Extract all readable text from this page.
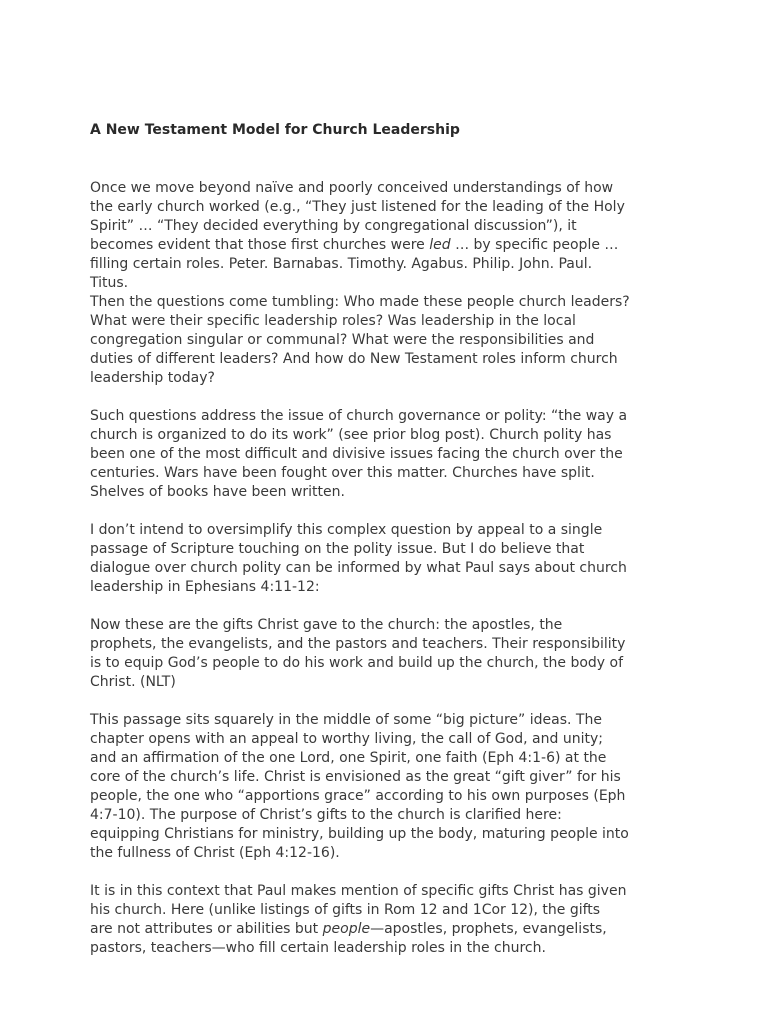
A New Testament Model for Church Leadership

Once we move beyond naïve and poorly conceived understandings of how
the early church worked (e.g., “They just listened for the leading of the Holy
Spirit” … “They decided everything by congregational discussion”), it
becomes evident that those first churches were led … by specific people …
filling certain roles. Peter. Barnabas. Timothy. Agabus. Philip. John. Paul.
Titus.
Then the questions come tumbling: Who made these people church leaders?
What were their specific leadership roles? Was leadership in the local
congregation singular or communal? What were the responsibilities and
duties of different leaders? And how do New Testament roles inform church
leadership today?

Such questions address the issue of church governance or polity: “the way a
church is organized to do its work” (see prior blog post). Church polity has
been one of the most difficult and divisive issues facing the church over the
centuries. Wars have been fought over this matter. Churches have split.
Shelves of books have been written.

I don’t intend to oversimplify this complex question by appeal to a single
passage of Scripture touching on the polity issue. But I do believe that
dialogue over church polity can be informed by what Paul says about church
leadership in Ephesians 4:11-12:

Now these are the gifts Christ gave to the church: the apostles, the
prophets, the evangelists, and the pastors and teachers. Their responsibility
is to equip God’s people to do his work and build up the church, the body of
Christ. (NLT)

This passage sits squarely in the middle of some “big picture” ideas. The
chapter opens with an appeal to worthy living, the call of God, and unity;
and an affirmation of the one Lord, one Spirit, one faith (Eph 4:1-6) at the
core of the church’s life. Christ is envisioned as the great “gift giver” for his
people, the one who “apportions grace” according to his own purposes (Eph
4:7-10). The purpose of Christ’s gifts to the church is clarified here:
equipping Christians for ministry, building up the body, maturing people into
the fullness of Christ (Eph 4:12-16).

It is in this context that Paul makes mention of specific gifts Christ has given
his church. Here (unlike listings of gifts in Rom 12 and 1Cor 12), the gifts
are not attributes or abilities but people—apostles, prophets, evangelists,
pastors, teachers—who fill certain leadership roles in the church.
